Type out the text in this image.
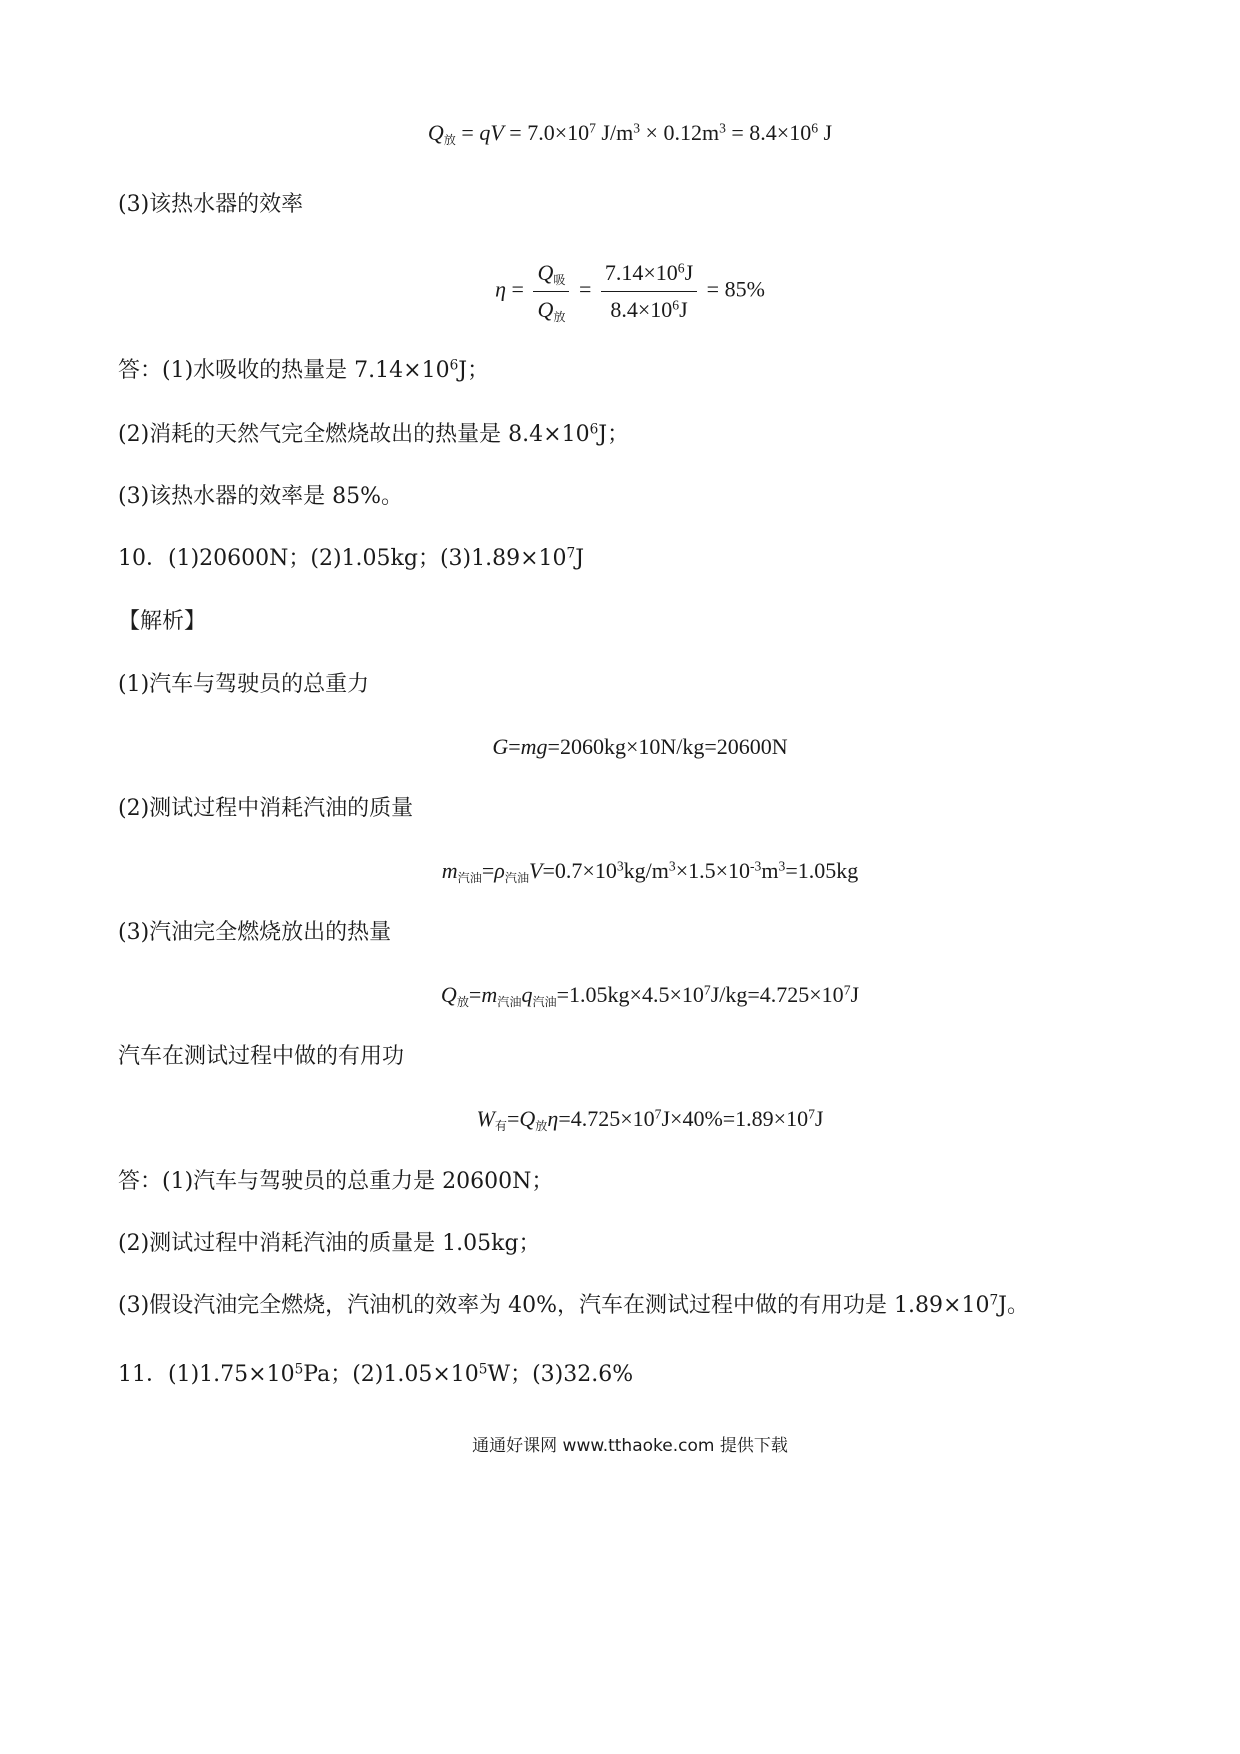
$Q_放$ = qV = $7.0\times 10^7$ $J/m^3 \times 0.12m^3 = 8.4\times 10^6$ J
(3)该热水器的效率
$\eta = \frac{Q_吸}{Q_放} = \frac{7.14\times 10^6J}{8.4\times 10^6J} = 85\%$
答：(1)水吸收的热量是 $7.14\times 10^6J$；
(2)消耗的天然气完全燃烧故出的热量是 $8.4\times 10^6J$；
(3)该热水器的效率是 85%。
10．(1)20600N；(2)1.05kg；$(3)1.89\times 10^7J$
【解析】
(1)汽车与驾驶员的总重力
G=mg=2060kg×10N/kg=20600N
(2)测试过程中消耗汽油的质量
$m_{汽油}=\rho_{汽油}V=0.7\times 10^3kg/m^3\times 1.5\times 10^{-3}m^3=1.05kg$
(3)汽油完全燃烧放出的热量
$Q_放=m_{汽油}q_{汽油}=1.05kg\times 4.5\times 10^7J/kg=4.725\times 10^7J$
汽车在测试过程中做的有用功
$W_有=Q_放\eta=4.725\times 10^7J\times 40\%=1.89\times 10^7J$
答：(1)汽车与驾驶员的总重力是 20600N；
(2)测试过程中消耗汽油的质量是 1.05kg；
(3)假设汽油完全燃烧，汽油机的效率为 40%，汽车在测试过程中做的有用功是 $1.89\times 10^7J$。
11．$(1)1.75\times 10^5Pa$；$(2)1.05\times 10^5W$；(3)32.6%
通通好课网 www.tthaoke.com 提供下载
